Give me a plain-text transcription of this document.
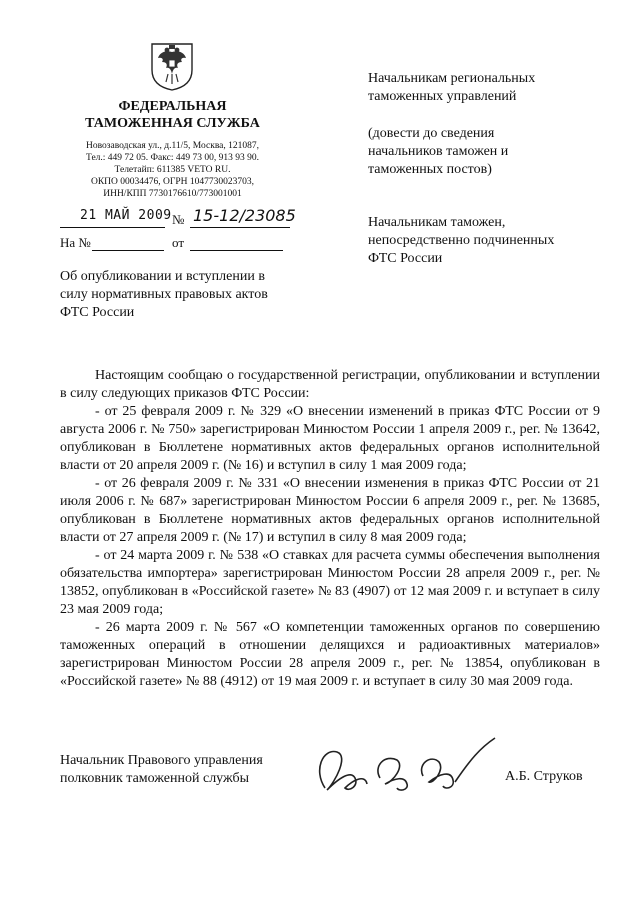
ФЕДЕРАЛЬНАЯ
ТАМОЖЕННАЯ СЛУЖБА
Новозаводская ул., д.11/5, Москва, 121087,
Тел.: 449 72 05. Факс: 449 73 00, 913 93 90.
Телетайп: 611385 VETO RU.
ОКПО 00034476, ОГРН 1047730023703,
ИНН/КПП 7730176610/773001001
21 МАЙ 2009 № 15-12/23085
На №	от
Начальникам региональных
таможенных управлений
(довести до сведения
начальников таможен и
таможенных постов)
Начальникам таможен,
непосредственно подчиненных
ФТС России
Об опубликовании и вступлении в
силу нормативных правовых актов
ФТС России

Настоящим сообщаю о государственной регистрации, опубликовании и вступлении в силу следующих приказов ФТС России:

- от 25 февраля 2009 г. № 329 «О внесении изменений в приказ ФТС России от 9 августа 2006 г. № 750» зарегистрирован Минюстом России 1 апреля 2009 г., рег. № 13642, опубликован в Бюллетене нормативных актов федеральных органов исполнительной власти от 20 апреля 2009 г. (№ 16) и вступил в силу 1 мая 2009 года;

- от 26 февраля 2009 г. № 331 «О внесении изменения в приказ ФТС России от 21 июля 2006 г. № 687» зарегистрирован Минюстом России 6 апреля 2009 г., рег. № 13685, опубликован в Бюллетене нормативных актов федеральных органов исполнительной власти от 27 апреля 2009 г. (№ 17) и вступил в силу 8 мая 2009 года;

- от 24 марта 2009 г. № 538 «О ставках для расчета суммы обеспечения выполнения обязательства импортера» зарегистрирован Минюстом России 28 апреля 2009 г., рег. № 13852, опубликован в «Российской газете» № 83 (4907) от 12 мая 2009 г. и вступает в силу 23 мая 2009 года;

- 26 марта 2009 г. № 567 «О компетенции таможенных органов по совершению таможенных операций в отношении делящихся и радиоактивных материалов» зарегистрирован Минюстом России 28 апреля 2009 г., рег. № 13854, опубликован в «Российской газете» № 88 (4912) от 19 мая 2009 г. и вступает в силу 30 мая 2009 года.

Начальник Правового управления
полковник таможенной службы	А.Б. Струков
